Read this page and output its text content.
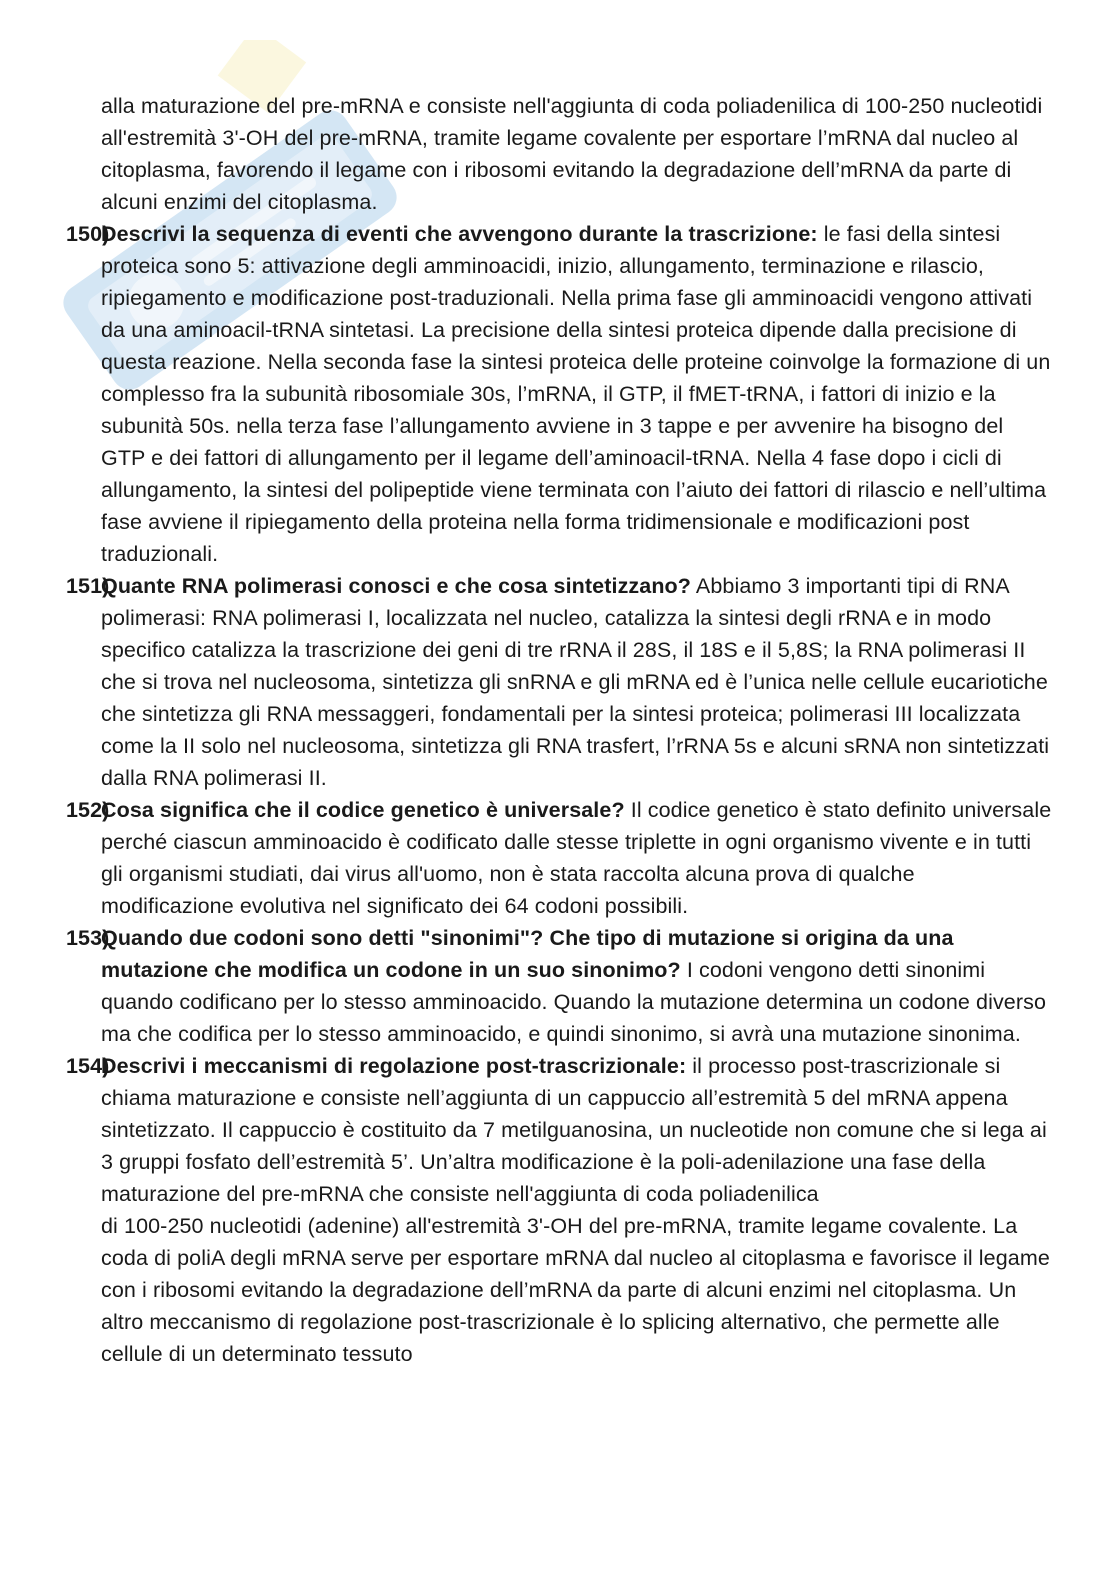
alla maturazione del pre-mRNA e consiste nell'aggiunta di coda poliadenilica di 100-250 nucleotidi all'estremità 3'-OH del pre-mRNA, tramite legame covalente per esportare l’mRNA dal nucleo al citoplasma, favorendo il legame con i ribosomi evitando la degradazione dell’mRNA da parte di alcuni enzimi del citoplasma.

150)
Descrivi la sequenza di eventi che avvengono durante la trascrizione: le fasi della sintesi proteica sono 5: attivazione degli amminoacidi, inizio, allungamento, terminazione e rilascio, ripiegamento e modificazione post-traduzionali. Nella prima fase gli amminoacidi vengono attivati da una aminoacil-tRNA sintetasi. La precisione della sintesi proteica dipende dalla precisione di questa reazione. Nella seconda fase la sintesi proteica delle proteine coinvolge la formazione di un complesso fra la subunità ribosomiale 30s, l’mRNA, il GTP, il fMET-tRNA, i fattori di inizio e la subunità 50s. nella terza fase l’allungamento avviene in 3 tappe e per avvenire ha bisogno del GTP e dei fattori di allungamento per il legame dell’aminoacil-tRNA. Nella 4 fase dopo i cicli di allungamento, la sintesi del polipeptide viene terminata con l’aiuto dei fattori di rilascio e nell’ultima fase avviene il ripiegamento della proteina nella forma tridimensionale e modificazioni post traduzionali.
151)
Quante RNA polimerasi conosci e che cosa sintetizzano? Abbiamo 3 importanti tipi di RNA polimerasi: RNA polimerasi I, localizzata nel nucleo, catalizza la sintesi degli rRNA e in modo specifico catalizza la trascrizione dei geni di tre rRNA il 28S, il 18S e il 5,8S; la RNA polimerasi II che si trova nel nucleosoma, sintetizza gli snRNA e gli mRNA ed è l’unica nelle cellule eucariotiche che sintetizza gli RNA messaggeri, fondamentali per la sintesi proteica; polimerasi III localizzata come la II solo nel nucleosoma, sintetizza gli RNA trasfert, l’rRNA 5s e alcuni sRNA non sintetizzati dalla RNA polimerasi II.
152)
Cosa significa che il codice genetico è universale? Il codice genetico è stato definito universale perché ciascun amminoacido è codificato dalle stesse triplette in ogni organismo vivente e in tutti gli organismi studiati, dai virus all'uomo, non è stata raccolta alcuna prova di qualche modificazione evolutiva nel significato dei 64 codoni possibili.
153)
Quando due codoni sono detti "sinonimi"? Che tipo di mutazione si origina da una mutazione che modifica un codone in un suo sinonimo? I codoni vengono detti sinonimi quando codificano per lo stesso amminoacido. Quando la mutazione determina un codone diverso ma che codifica per lo stesso amminoacido, e quindi sinonimo, si avrà una mutazione sinonima.
154)
Descrivi i meccanismi di regolazione post-trascrizionale: il processo post-trascrizionale si chiama maturazione e consiste nell’aggiunta di un cappuccio all’estremità 5 del mRNA appena sintetizzato. Il cappuccio è costituito da 7 metilguanosina, un nucleotide non comune che si lega ai 3 gruppi fosfato dell’estremità 5’. Un’altra modificazione è la poli-adenilazione una fase della maturazione del pre-mRNA che consiste nell'aggiunta di coda poliadenilica
di 100-250 nucleotidi (adenine) all'estremità 3'-OH del pre-mRNA, tramite legame covalente. La coda di poliA degli mRNA serve per esportare mRNA dal nucleo al citoplasma e favorisce il legame con i ribosomi evitando la degradazione dell’mRNA da parte di alcuni enzimi nel citoplasma. Un altro meccanismo di regolazione post-trascrizionale è lo splicing alternativo, che permette alle cellule di un determinato tessuto
